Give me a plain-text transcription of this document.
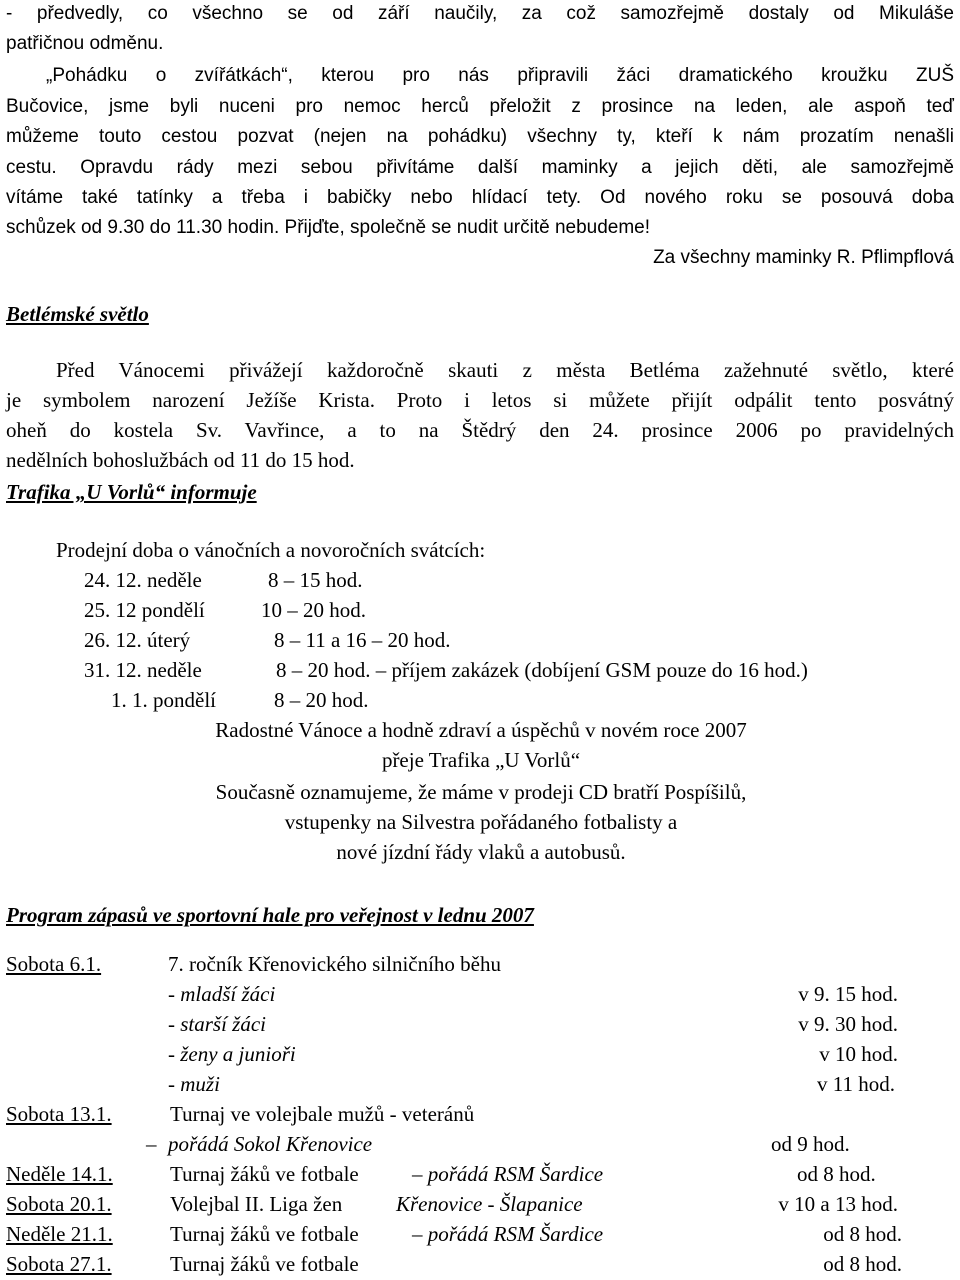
- předvedly, co všechno se od září naučily, za což samozřejmě dostaly od Mikuláše
patřičnou odměnu.
„Pohádku o zvířátkách“, kterou pro nás připravili žáci dramatického kroužku ZUŠ
Bučovice, jsme byli nuceni pro nemoc herců přeložit z prosince na leden, ale aspoň teď
můžeme touto cestou pozvat (nejen na pohádku) všechny ty, kteří k nám prozatím nenašli
cestu. Opravdu rády mezi sebou přivítáme další maminky a jejich děti, ale samozřejmě
vítáme také tatínky a třeba i babičky nebo hlídací tety. Od nového roku se posouvá doba
schůzek od 9.30 do 11.30 hodin. Přijďte, společně se nudit určitě nebudeme!
Za všechny maminky R. Pflimpflová
Betlémské světlo
Před Vánocemi přivážejí každoročně skauti z města Betléma zažehnuté světlo, které
je symbolem narození Ježíše Krista. Proto i letos si můžete přijít odpálit tento posvátný
oheň do kostela Sv. Vavřince, a to na Štědrý den 24. prosince 2006 po pravidelných
nedělních bohoslužbách od 11 do 15 hod.
Trafika „U Vorlů“ informuje
Prodejní doba o vánočních a novoročních svátcích:
24. 12. neděle	8 – 15 hod.
25. 12 pondělí	10 – 20 hod.
26. 12. úterý	8 – 11 a 16 – 20 hod.
31. 12. neděle	8 – 20 hod. – příjem zakázek (dobíjení GSM pouze do 16 hod.)
1. 1. pondělí	8 – 20 hod.
Radostné Vánoce a hodně zdraví a úspěchů v novém roce 2007
přeje Trafika „U Vorlů“
Současně oznamujeme, že máme v prodeji CD bratří Pospíšilů,
vstupenky na Silvestra pořádaného fotbalisty a
nové jízdní řády vlaků a autobusů.
Program zápasů ve sportovní hale pro veřejnost v lednu 2007
Sobota 6.1.	7. ročník Křenovického silničního běhu
- mladší žáci	v 9. 15 hod.
- starší žáci	v 9. 30 hod.
- ženy a junioři	v 10 hod.
- muži	v 11 hod.
Sobota 13.1.	Turnaj ve volejbale mužů - veteránů
– pořádá Sokol Křenovice	od 9 hod.
Neděle 14.1.	Turnaj žáků ve fotbale	– pořádá RSM Šardice	od 8 hod.
Sobota 20.1.	Volejbal II. Liga žen	Křenovice - Šlapanice	v 10 a 13 hod.
Neděle 21.1.	Turnaj žáků ve fotbale	– pořádá RSM Šardice	od 8 hod.
Sobota 27.1.	Turnaj žáků ve fotbale	od 8 hod.
